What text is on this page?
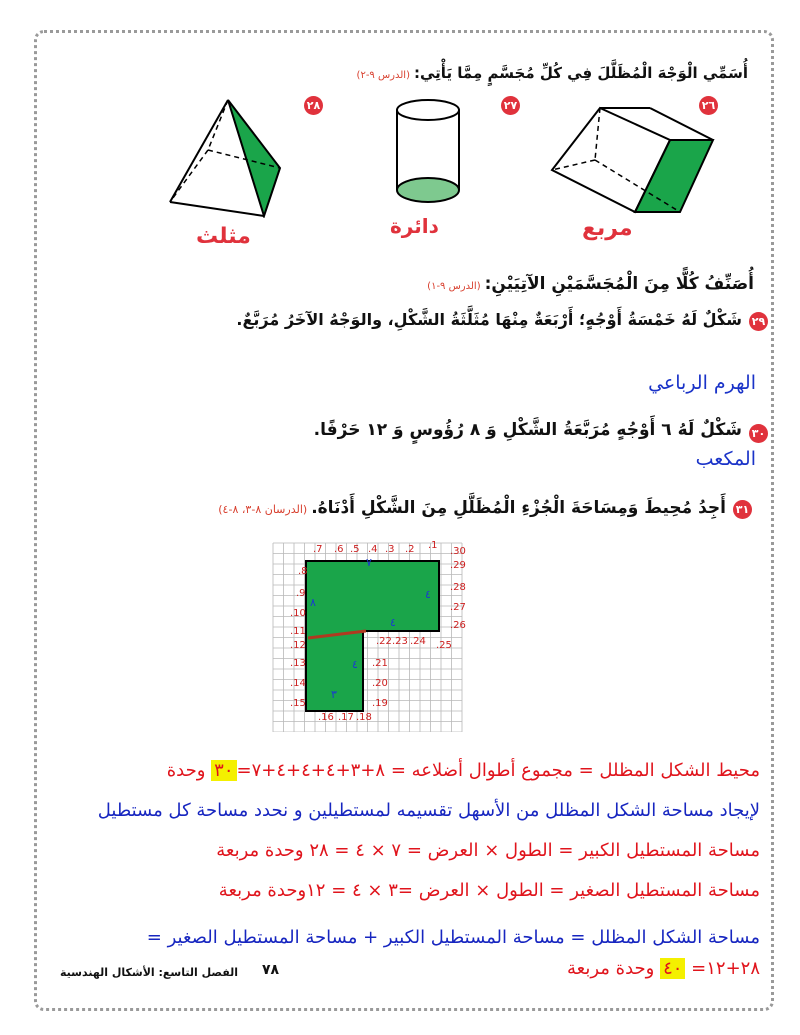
أُسَمِّي الْوَجْهَ الْمُظَلَّلَ فِي كُلِّ مُجَسَّمٍ مِمَّا يَأْتِي:(الدرس ٩-٢)
٢٦
٢٧
٢٨
مربع
دائرة
مثلث
أُصَنِّفُ كُلًّا مِنَ الْمُجَسَّمَيْنِ الآتِيَيْنِ:(الدرس ٩-١)
٢٩
شَكْلٌ لَهُ خَمْسَةُ أَوْجُهٍ؛ أَرْبَعَةٌ مِنْهَا مُثَلَّثَةُ الشَّكْلِ، والوَجْهُ الآخَرُ مُرَبَّعٌ.
الهرم الرباعي
٣٠
شَكْلٌ لَهُ ٦ أَوْجُهٍ مُرَبَّعَةُ الشَّكْلِ وَ ٨ رُؤُوسٍ وَ ١٢ حَرْفًا.
المكعب
٣١
أَجِدُ مُحِيطَ وَمِسَاحَةَ الْجُزْءِ الْمُظَلَّلِ مِنَ الشَّكْلِ أَدْنَاهُ.(الدرسان ٨-٣، ٨-٤)
.1
.2
.3
.4
.5
.6
.7
.8
.9
.10
.11
.12
.13
.14
.15
.16 .17 .18
.19
.20
.21
.22 .23 .24 .25
.26
.27
.28
.29
.30
٧
٨
٤
٤
٤
٣
محيط الشكل المظلل = مجموع أطوال أضلاعه = ٨+٣+٤+٤+٤+٧=٣٠ وحدة
لإيجاد مساحة الشكل المظلل من الأسهل تقسيمه لمستطيلين و نحدد مساحة كل مستطيل
مساحة المستطيل الكبير = الطول × العرض = ٧ × ٤ = ٢٨ وحدة مربعة
مساحة المستطيل الصغير = الطول × العرض =٣ × ٤ = ١٢وحدة مربعة
مساحة الشكل المظلل = مساحة المستطيل الكبير + مساحة المستطيل الصغير =
٢٨+١٢= ٤٠ وحدة مربعة
الفصل التاسع: الأشكال الهندسية ٧٨
